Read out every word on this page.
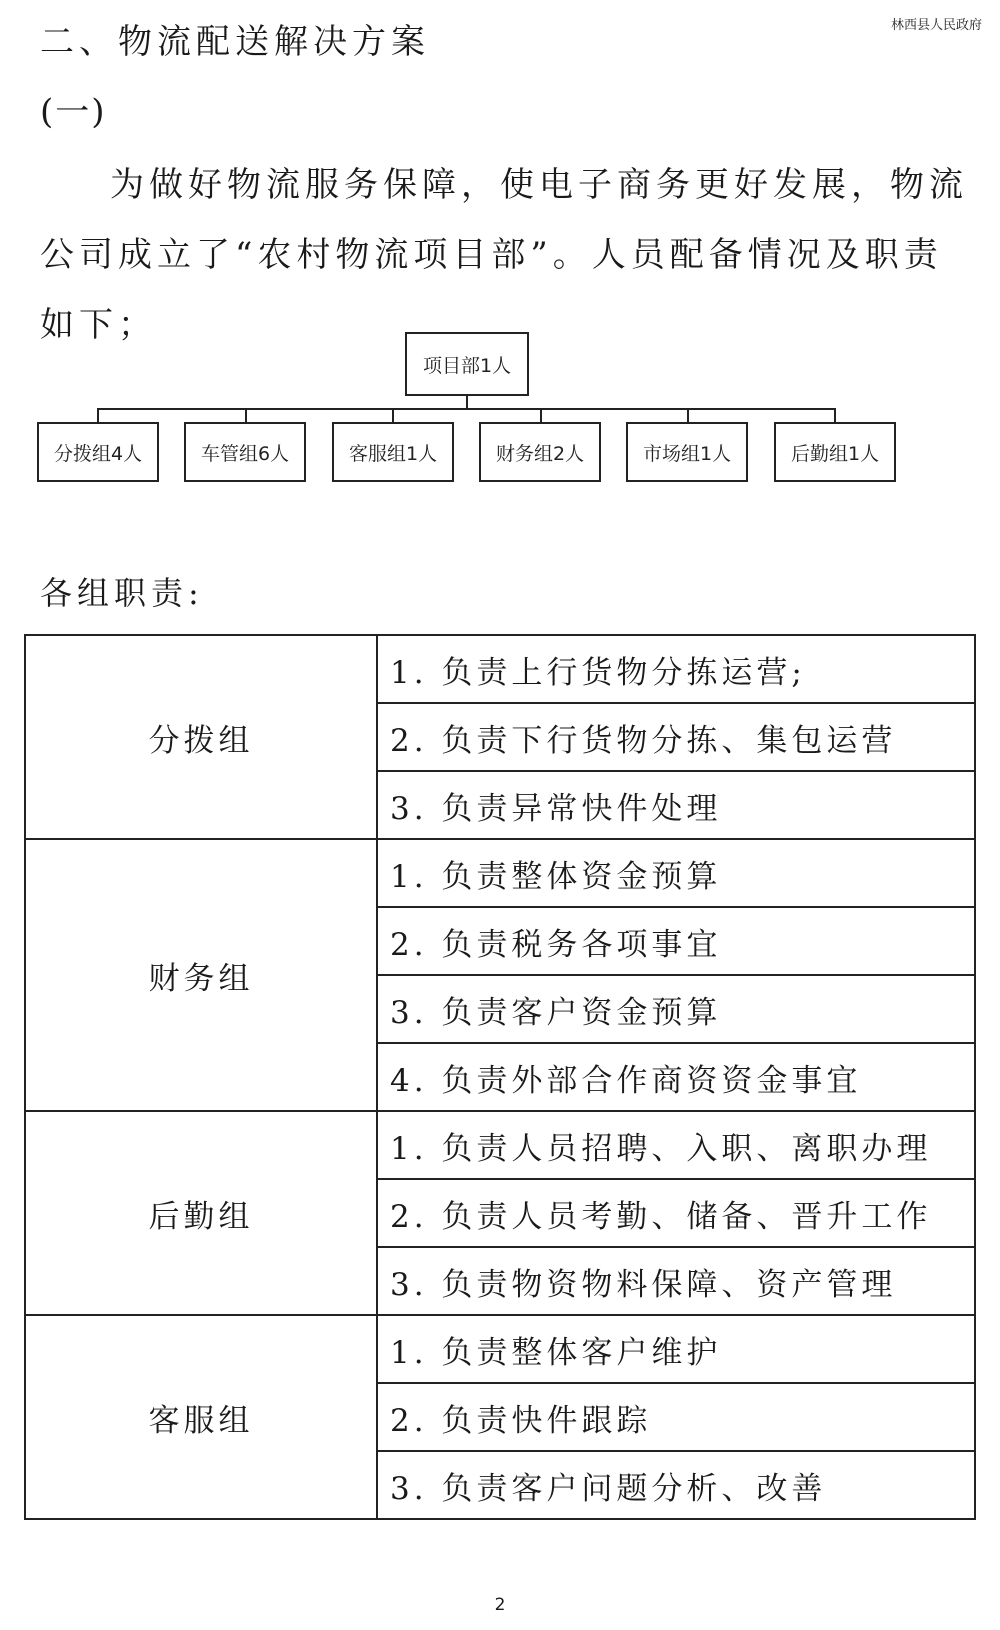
林西县人民政府
二、物流配送解决方案
(一)

为做好物流服务保障，使电子商务更好发展，物流公司成立了“农村物流项目部”。人员配备情况及职责如下；

项目部1人
分拨组4人	车管组6人	客服组1人	财务组2人	市场组1人	后勤组1人
各组职责:
分拨组	1. 负责上行货物分拣运营;
	2. 负责下行货物分拣、集包运营
	3. 负责异常快件处理
财务组	1. 负责整体资金预算
	2. 负责税务各项事宜
	3. 负责客户资金预算
	4. 负责外部合作商资资金事宜
后勤组	1. 负责人员招聘、入职、离职办理
	2. 负责人员考勤、储备、晋升工作
	3. 负责物资物料保障、资产管理
客服组	1. 负责整体客户维护
	2. 负责快件跟踪
	3. 负责客户问题分析、改善
2
